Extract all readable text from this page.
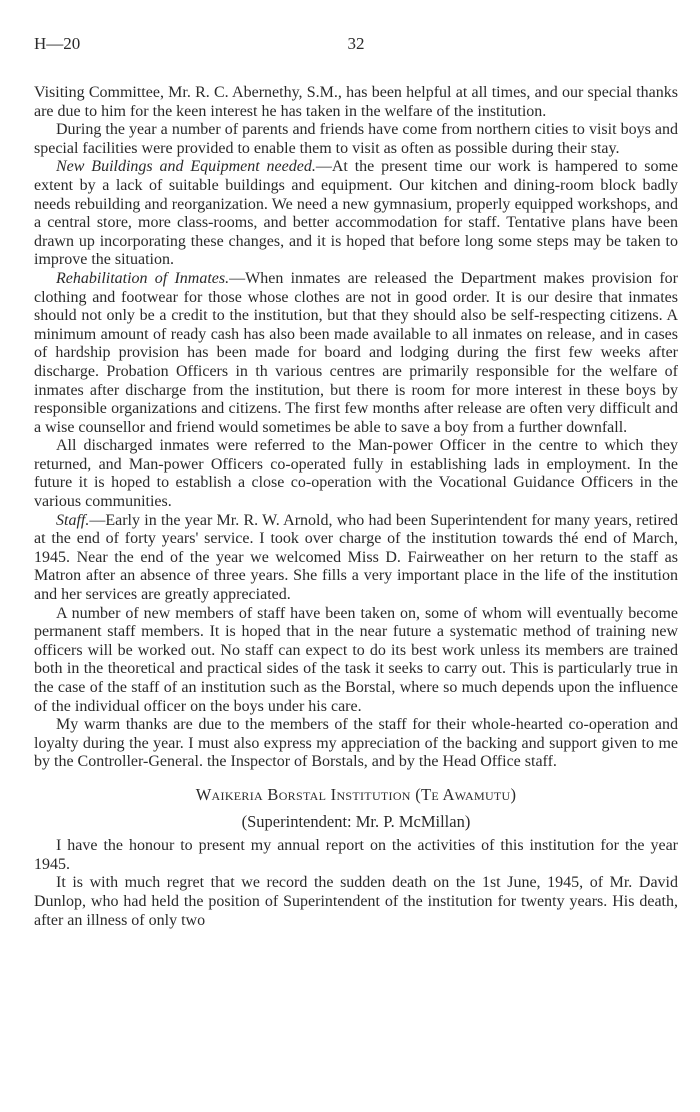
H—20	32

Visiting Committee, Mr. R. C. Abernethy, S.M., has been helpful at all times, and our special thanks are due to him for the keen interest he has taken in the welfare of the institution.

During the year a number of parents and friends have come from northern cities to visit boys and special facilities were provided to enable them to visit as often as possible during their stay.

New Buildings and Equipment needed.—At the present time our work is hampered to some extent by a lack of suitable buildings and equipment. Our kitchen and dining-room block badly needs rebuilding and reorganization. We need a new gymnasium, properly equipped workshops, and a central store, more class-rooms, and better accommodation for staff. Tentative plans have been drawn up incorporating these changes, and it is hoped that before long some steps may be taken to improve the situation.

Rehabilitation of Inmates.—When inmates are released the Department makes provision for clothing and footwear for those whose clothes are not in good order. It is our desire that inmates should not only be a credit to the institution, but that they should also be self-respecting citizens. A minimum amount of ready cash has also been made available to all inmates on release, and in cases of hardship provision has been made for board and lodging during the first few weeks after discharge. Probation Officers in th various centres are primarily responsible for the welfare of inmates after discharge from the institution, but there is room for more interest in these boys by responsible organizations and citizens. The first few months after release are often very difficult and a wise counsellor and friend would sometimes be able to save a boy from a further downfall.

All discharged inmates were referred to the Man-power Officer in the centre to which they returned, and Man-power Officers co-operated fully in establishing lads in employment. In the future it is hoped to establish a close co-operation with the Vocational Guidance Officers in the various communities.

Staff.—Early in the year Mr. R. W. Arnold, who had been Superintendent for many years, retired at the end of forty years' service. I took over charge of the institution towards thé end of March, 1945. Near the end of the year we welcomed Miss D. Fairweather on her return to the staff as Matron after an absence of three years. She fills a very important place in the life of the institution and her services are greatly appreciated.

A number of new members of staff have been taken on, some of whom will eventually become permanent staff members. It is hoped that in the near future a systematic method of training new officers will be worked out. No staff can expect to do its best work unless its members are trained both in the theoretical and practical sides of the task it seeks to carry out. This is particularly true in the case of the staff of an institution such as the Borstal, where so much depends upon the influence of the individual officer on the boys under his care.

My warm thanks are due to the members of the staff for their whole-hearted co-operation and loyalty during the year. I must also express my appreciation of the backing and support given to me by the Controller-General. the Inspector of Borstals, and by the Head Office staff.

Waikeria Borstal Institution (Te Awamutu)
(Superintendent: Mr. P. McMillan)

I have the honour to present my annual report on the activities of this institution for the year 1945.

It is with much regret that we record the sudden death on the 1st June, 1945, of Mr. David Dunlop, who had held the position of Superintendent of the institution for twenty years. His death, after an illness of only two
